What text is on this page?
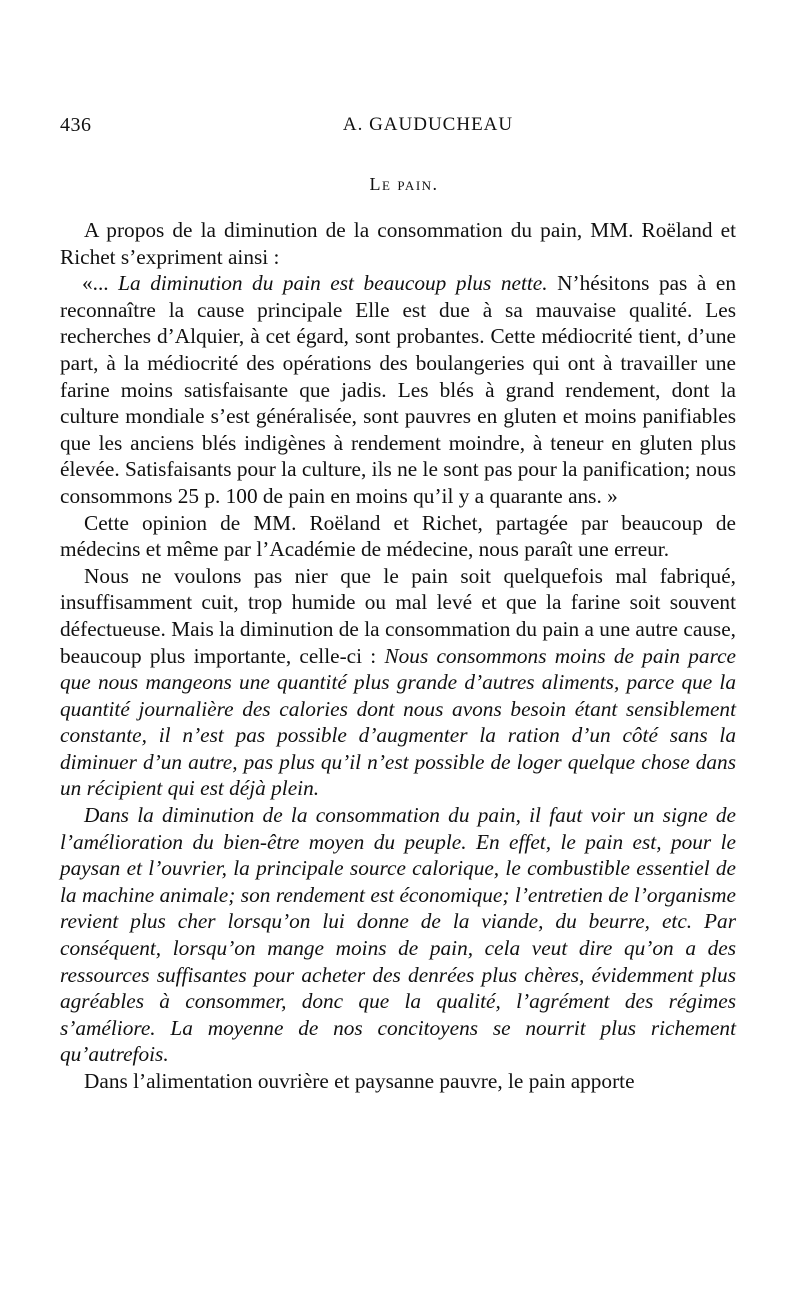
436	A. GAUDUCHEAU
Le pain.

A propos de la diminution de la consommation du pain, MM. Roëland et Richet s’expriment ainsi :

«... La diminution du pain est beaucoup plus nette. N’hésitons pas à en reconnaître la cause principale Elle est due à sa mauvaise qualité. Les recherches d’Alquier, à cet égard, sont probantes. Cette médiocrité tient, d’une part, à la médiocrité des opérations des boulangeries qui ont à travailler une farine moins satisfaisante que jadis. Les blés à grand rendement, dont la culture mondiale s’est généralisée, sont pauvres en gluten et moins panifiables que les anciens blés indigènes à rendement moindre, à teneur en gluten plus élevée. Satisfaisants pour la culture, ils ne le sont pas pour la panification; nous consommons 25 p. 100 de pain en moins qu’il y a quarante ans. »

Cette opinion de MM. Roëland et Richet, partagée par beaucoup de médecins et même par l’Académie de médecine, nous paraît une erreur.

Nous ne voulons pas nier que le pain soit quelquefois mal fabriqué, insuffisamment cuit, trop humide ou mal levé et que la farine soit souvent défectueuse. Mais la diminution de la consommation du pain a une autre cause, beaucoup plus importante, celle-ci : Nous consommons moins de pain parce que nous mangeons une quantité plus grande d’autres aliments, parce que la quantité journalière des calories dont nous avons besoin étant sensiblement constante, il n’est pas possible d’augmenter la ration d’un côté sans la diminuer d’un autre, pas plus qu’il n’est possible de loger quelque chose dans un récipient qui est déjà plein.

Dans la diminution de la consommation du pain, il faut voir un signe de l’amélioration du bien-être moyen du peuple. En effet, le pain est, pour le paysan et l’ouvrier, la principale source calorique, le combustible essentiel de la machine animale; son rendement est économique; l’entretien de l’organisme revient plus cher lorsqu’on lui donne de la viande, du beurre, etc. Par conséquent, lorsqu’on mange moins de pain, cela veut dire qu’on a des ressources suffisantes pour acheter des denrées plus chères, évidemment plus agréables à consommer, donc que la qualité, l’agrément des régimes s’améliore. La moyenne de nos concitoyens se nourrit plus richement qu’autrefois.

Dans l’alimentation ouvrière et paysanne pauvre, le pain apporte
